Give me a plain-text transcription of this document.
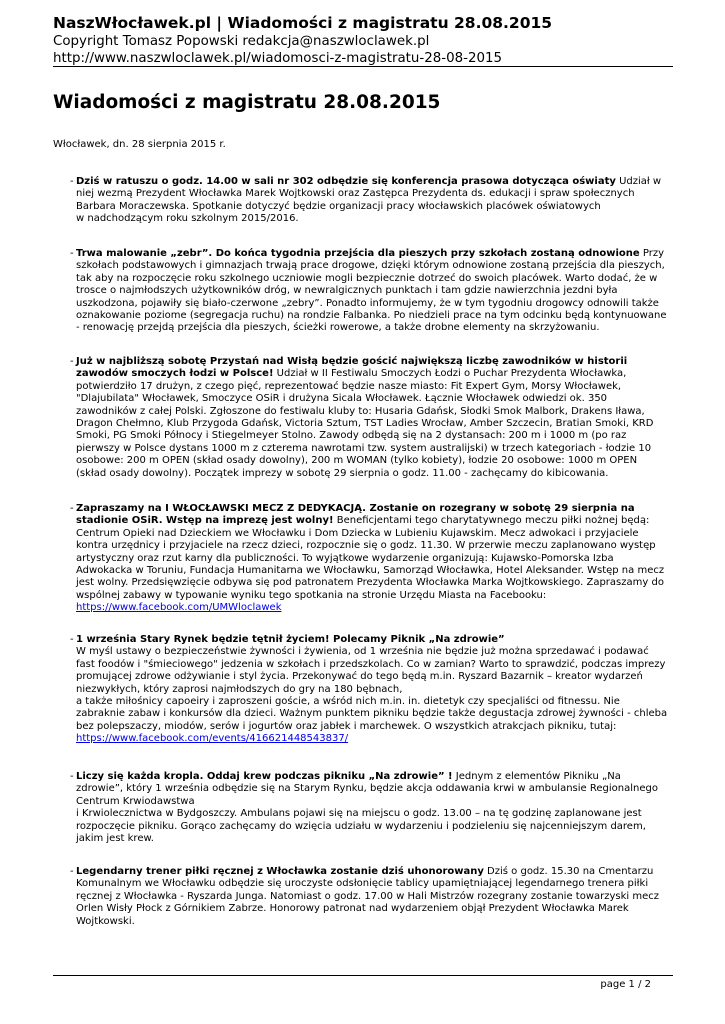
NaszWłocławek.pl | Wiadomości z magistratu 28.08.2015
Copyright Tomasz Popowski redakcja@naszwloclawek.pl
http://www.naszwloclawek.pl/wiadomosci-z-magistratu-28-08-2015
Wiadomości z magistratu 28.08.2015
Włocławek, dn. 28 sierpnia 2015 r.
- Dziś w ratuszu o godz. 14.00 w sali nr 302 odbędzie się konferencja prasowa dotycząca oświaty Udział w niej wezmą Prezydent Włocławka Marek Wojtkowski oraz Zastępca Prezydenta ds. edukacji i spraw społecznych Barbara Moraczewska. Spotkanie dotyczyć będzie organizacji pracy włocławskich placówek oświatowych
w nadchodzącym roku szkolnym 2015/2016.
- Trwa malowanie „zebr”. Do końca tygodnia przejścia dla pieszych przy szkołach zostaną odnowione Przy szkołach podstawowych i gimnazjach trwają prace drogowe, dzięki którym odnowione zostaną przejścia dla pieszych, tak aby na rozpoczęcie roku szkolnego uczniowie mogli bezpiecznie dotrzeć do swoich placówek. Warto dodać, że w trosce o najmłodszych użytkowników dróg, w newralgicznych punktach i tam gdzie nawierzchnia jezdni była uszkodzona, pojawiły się biało-czerwone „zebry”. Ponadto informujemy, że w tym tygodniu drogowcy odnowili także oznakowanie poziome (segregacja ruchu) na rondzie Falbanka. Po niedzieli prace na tym odcinku będą kontynuowane - renowację przejdą przejścia dla pieszych, ścieżki rowerowe, a także drobne elementy na skrzyżowaniu.
- Już w najbliższą sobotę Przystań nad Wisłą będzie gościć największą liczbę zawodników w historii zawodów smoczych łodzi w Polsce! Udział w II Festiwalu Smoczych Łodzi o Puchar Prezydenta Włocławka, potwierdziło 17 drużyn, z czego pięć, reprezentować będzie nasze miasto: Fit Expert Gym, Morsy Włocławek, "Dlajubilata" Włocławek, Smoczyce OSiR i drużyna Sicala Włocławek. Łącznie Włocławek odwiedzi ok. 350 zawodników z całej Polski. Zgłoszone do festiwalu kluby to: Husaria Gdańsk, Słodki Smok Malbork, Drakens Iława, Dragon Chełmno, Klub Przygoda Gdańsk, Victoria Sztum, TST Ladies Wrocław, Amber Szczecin, Bratian Smoki, KRD Smoki, PG Smoki Północy i Stiegelmeyer Stolno. Zawody odbędą się na 2 dystansach: 200 m i 1000 m (po raz pierwszy w Polsce dystans 1000 m z czterema nawrotami tzw. system australijski) w trzech kategoriach - łodzie 10 osobowe: 200 m OPEN (skład osady dowolny), 200 m WOMAN (tylko kobiety), łodzie 20 osobowe: 1000 m OPEN (skład osady dowolny). Początek imprezy w sobotę 29 sierpnia o godz. 11.00 - zachęcamy do kibicowania.
- Zapraszamy na I WŁOCŁAWSKI MECZ Z DEDYKACJĄ. Zostanie on rozegrany w sobotę 29 sierpnia na stadionie OSiR. Wstęp na imprezę jest wolny! Beneficjentami tego charytatywnego meczu piłki nożnej będą: Centrum Opieki nad Dzieckiem we Włocławku i Dom Dziecka w Lubieniu Kujawskim. Mecz adwokaci i przyjaciele kontra urzędnicy i przyjaciele na rzecz dzieci, rozpocznie się o godz. 11.30. W przerwie meczu zaplanowano występ artystyczny oraz rzut karny dla publiczności. To wyjątkowe wydarzenie organizują: Kujawsko-Pomorska Izba Adwokacka w Toruniu, Fundacja Humanitarna we Włocławku, Samorząd Włocławka, Hotel Aleksander. Wstęp na mecz jest wolny. Przedsięwzięcie odbywa się pod patronatem Prezydenta Włocławka Marka Wojtkowskiego. Zapraszamy do wspólnej zabawy w typowanie wyniku tego spotkania na stronie Urzędu Miasta na Facebooku:
https://www.facebook.com/UMWloclawek
- 1 września Stary Rynek będzie tętnił życiem! Polecamy Piknik „Na zdrowie”
W myśl ustawy o bezpieczeństwie żywności i żywienia, od 1 września nie będzie już można sprzedawać i podawać fast foodów i "śmieciowego" jedzenia w szkołach i przedszkolach. Co w zamian? Warto to sprawdzić, podczas imprezy promującej zdrowe odżywianie i styl życia. Przekonywać do tego będą m.in. Ryszard Bazarnik – kreator wydarzeń niezwykłych, który zaprosi najmłodszych do gry na 180 bębnach,
a także miłośnicy capoeiry i zaproszeni goście, a wśród nich m.in. in. dietetyk czy specjaliści od fitnessu. Nie zabraknie zabaw i konkursów dla dzieci. Ważnym punktem pikniku będzie także degustacja zdrowej żywności - chleba bez polepszaczy, miodów, serów i jogurtów oraz jabłek i marchewek. O wszystkich atrakcjach pikniku, tutaj:
https://www.facebook.com/events/416621448543837/
- Liczy się każda kropla. Oddaj krew podczas pikniku „Na zdrowie” ! Jednym z elementów Pikniku „Na zdrowie”, który 1 września odbędzie się na Starym Rynku, będzie akcja oddawania krwi w ambulansie Regionalnego Centrum Krwiodawstwa
i Krwiolecznictwa w Bydgoszczy. Ambulans pojawi się na miejscu o godz. 13.00 – na tę godzinę zaplanowane jest rozpoczęcie pikniku. Gorąco zachęcamy do wzięcia udziału w wydarzeniu i podzieleniu się najcenniejszym darem, jakim jest krew.
- Legendarny trener piłki ręcznej z Włocławka zostanie dziś uhonorowany Dziś o godz. 15.30 na Cmentarzu Komunalnym we Włocławku odbędzie się uroczyste odsłonięcie tablicy upamiętniającej legendarnego trenera piłki ręcznej z Włocławka - Ryszarda Junga. Natomiast o godz. 17.00 w Hali Mistrzów rozegrany zostanie towarzyski mecz Orlen Wisły Płock z Górnikiem Zabrze. Honorowy patronat nad wydarzeniem objął Prezydent Włocławka Marek Wojtkowski.
page 1 / 2
